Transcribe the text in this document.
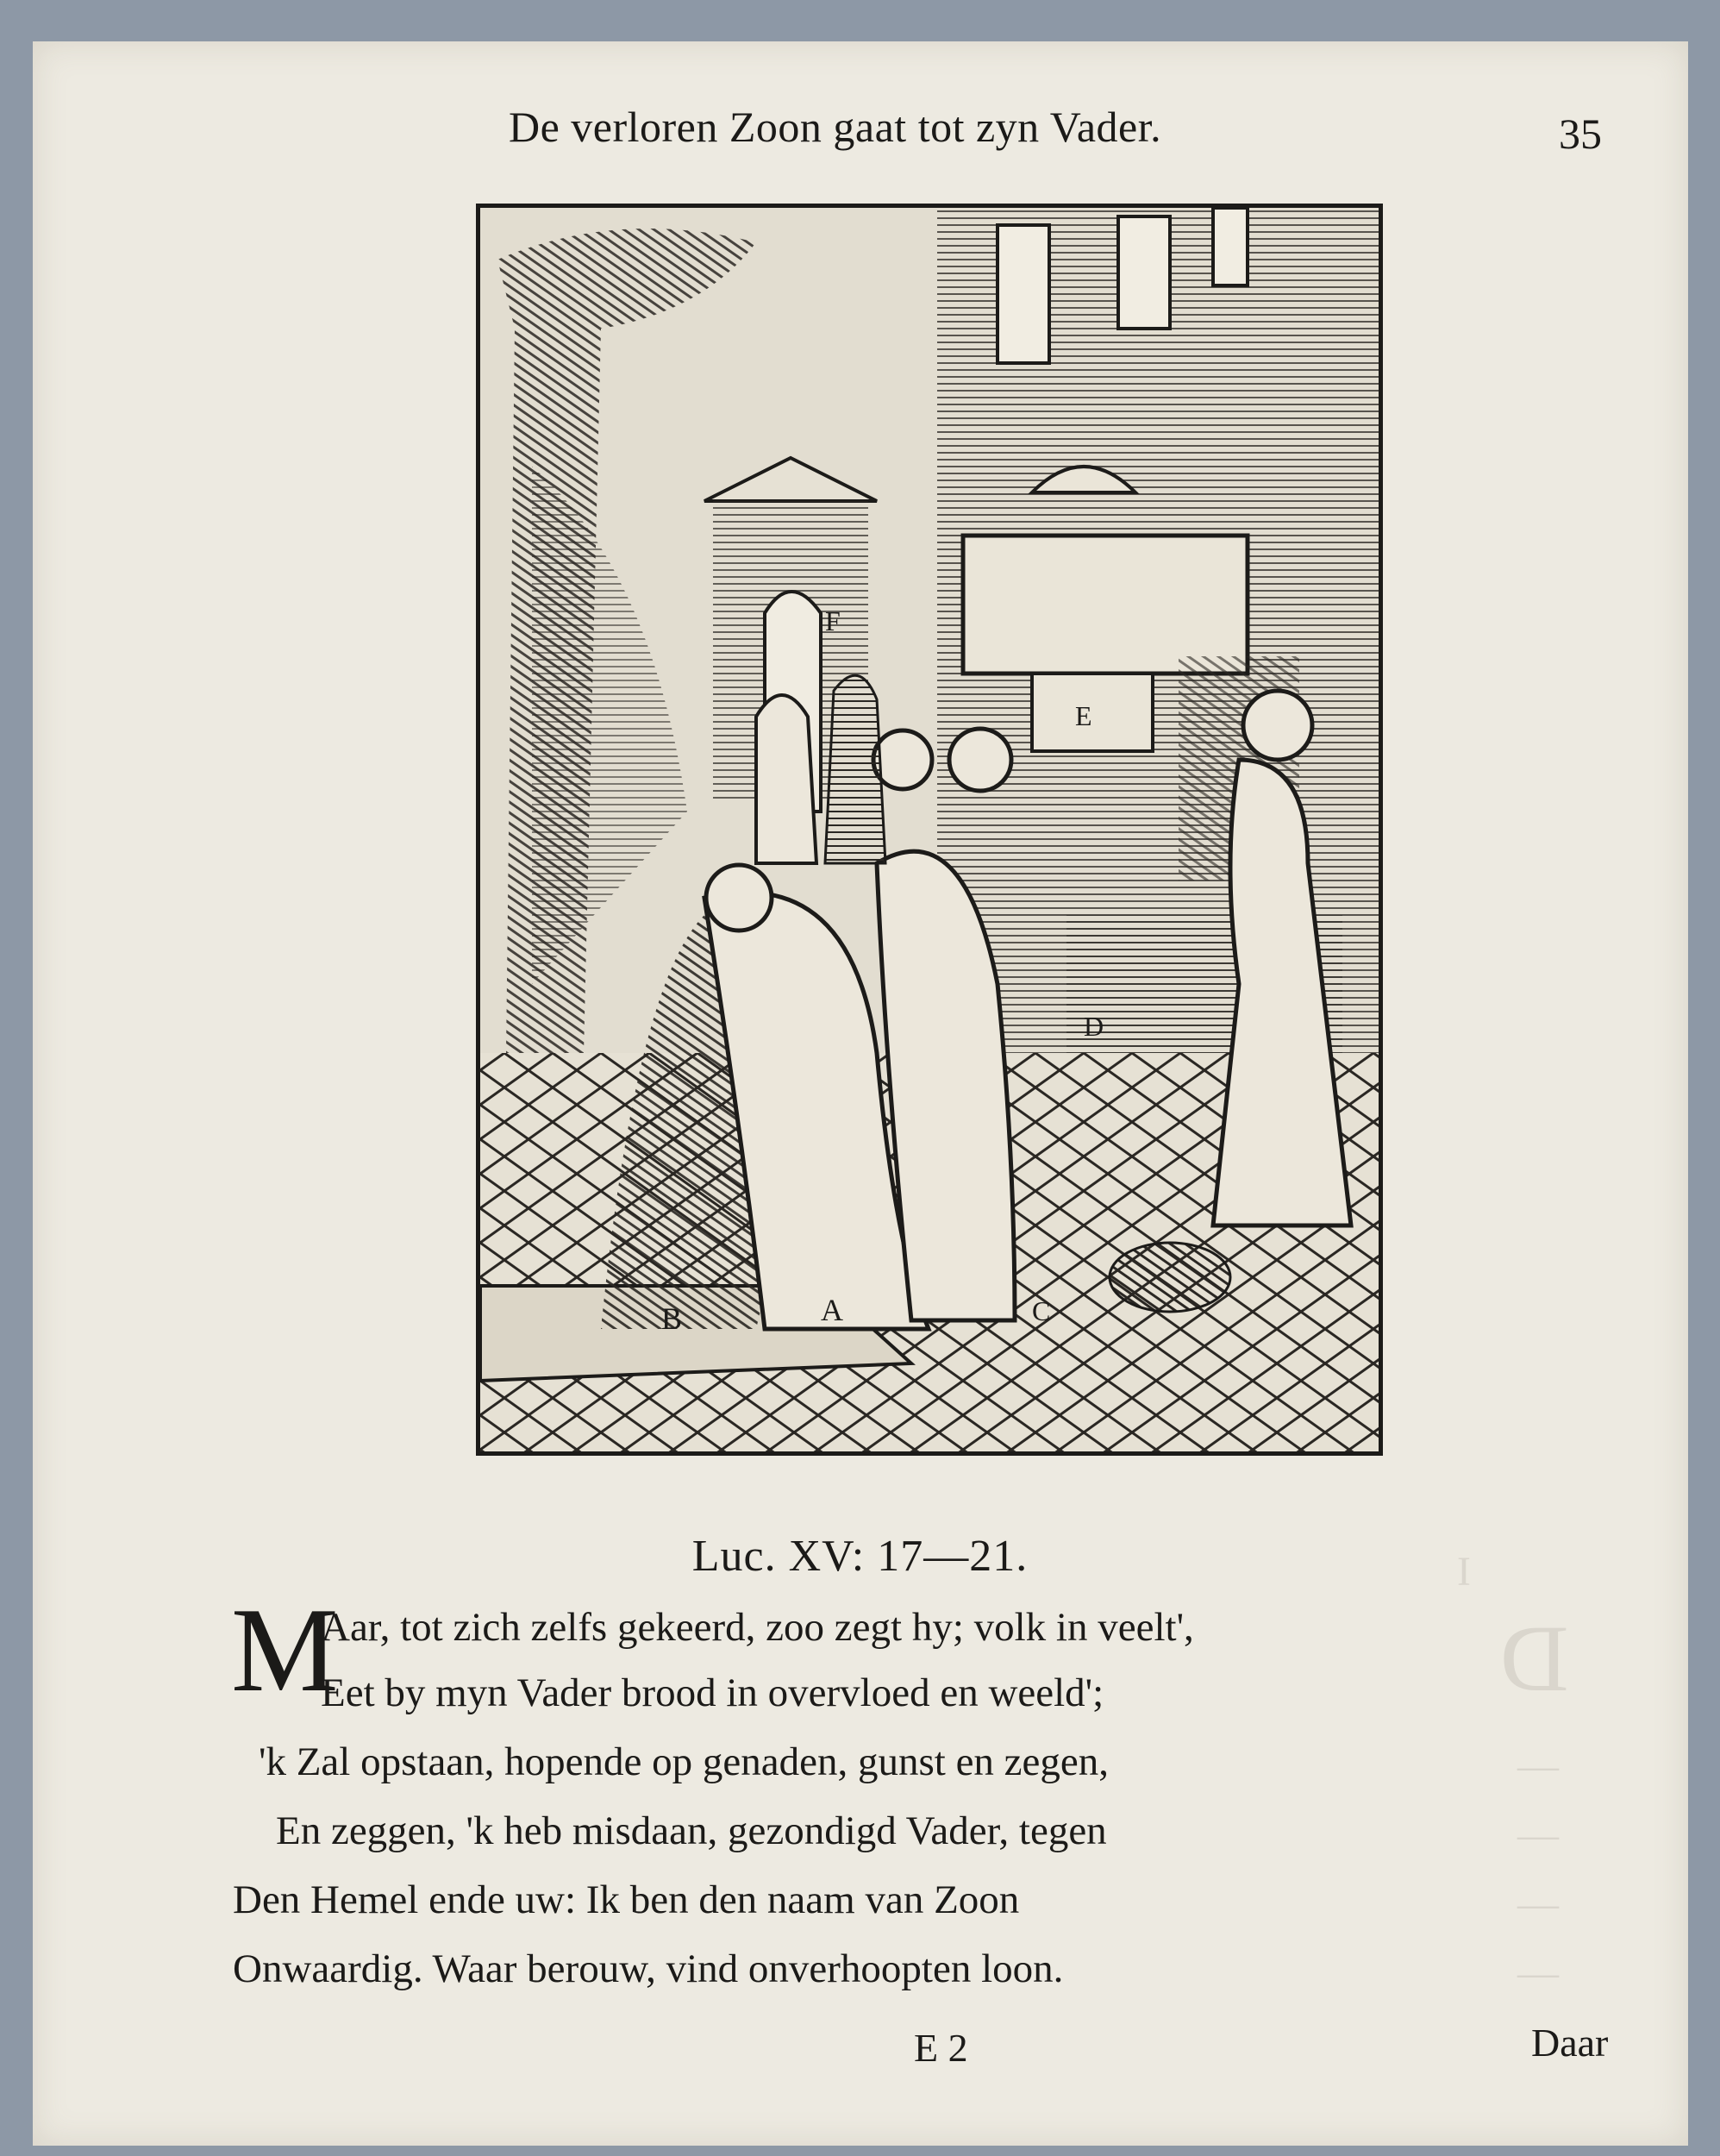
I
D
—
—
—
—
De verloren Zoon gaat tot zyn Vader.	35
B	A	C
D
E
F
Luc. XV: 17—21.
M
Aar, tot zich zelfs gekeerd, zoo zegt hy; volk in veelt',
Eet by myn Vader brood in overvloed en weeld';
'k Zal opstaan, hopende op genaden, gunst en zegen,
En zeggen, 'k heb misdaan, gezondigd Vader, tegen
Den Hemel ende uw: Ik ben den naam van Zoon
Onwaardig. Waar berouw, vind onverhoopten loon.
E 2	Daar
